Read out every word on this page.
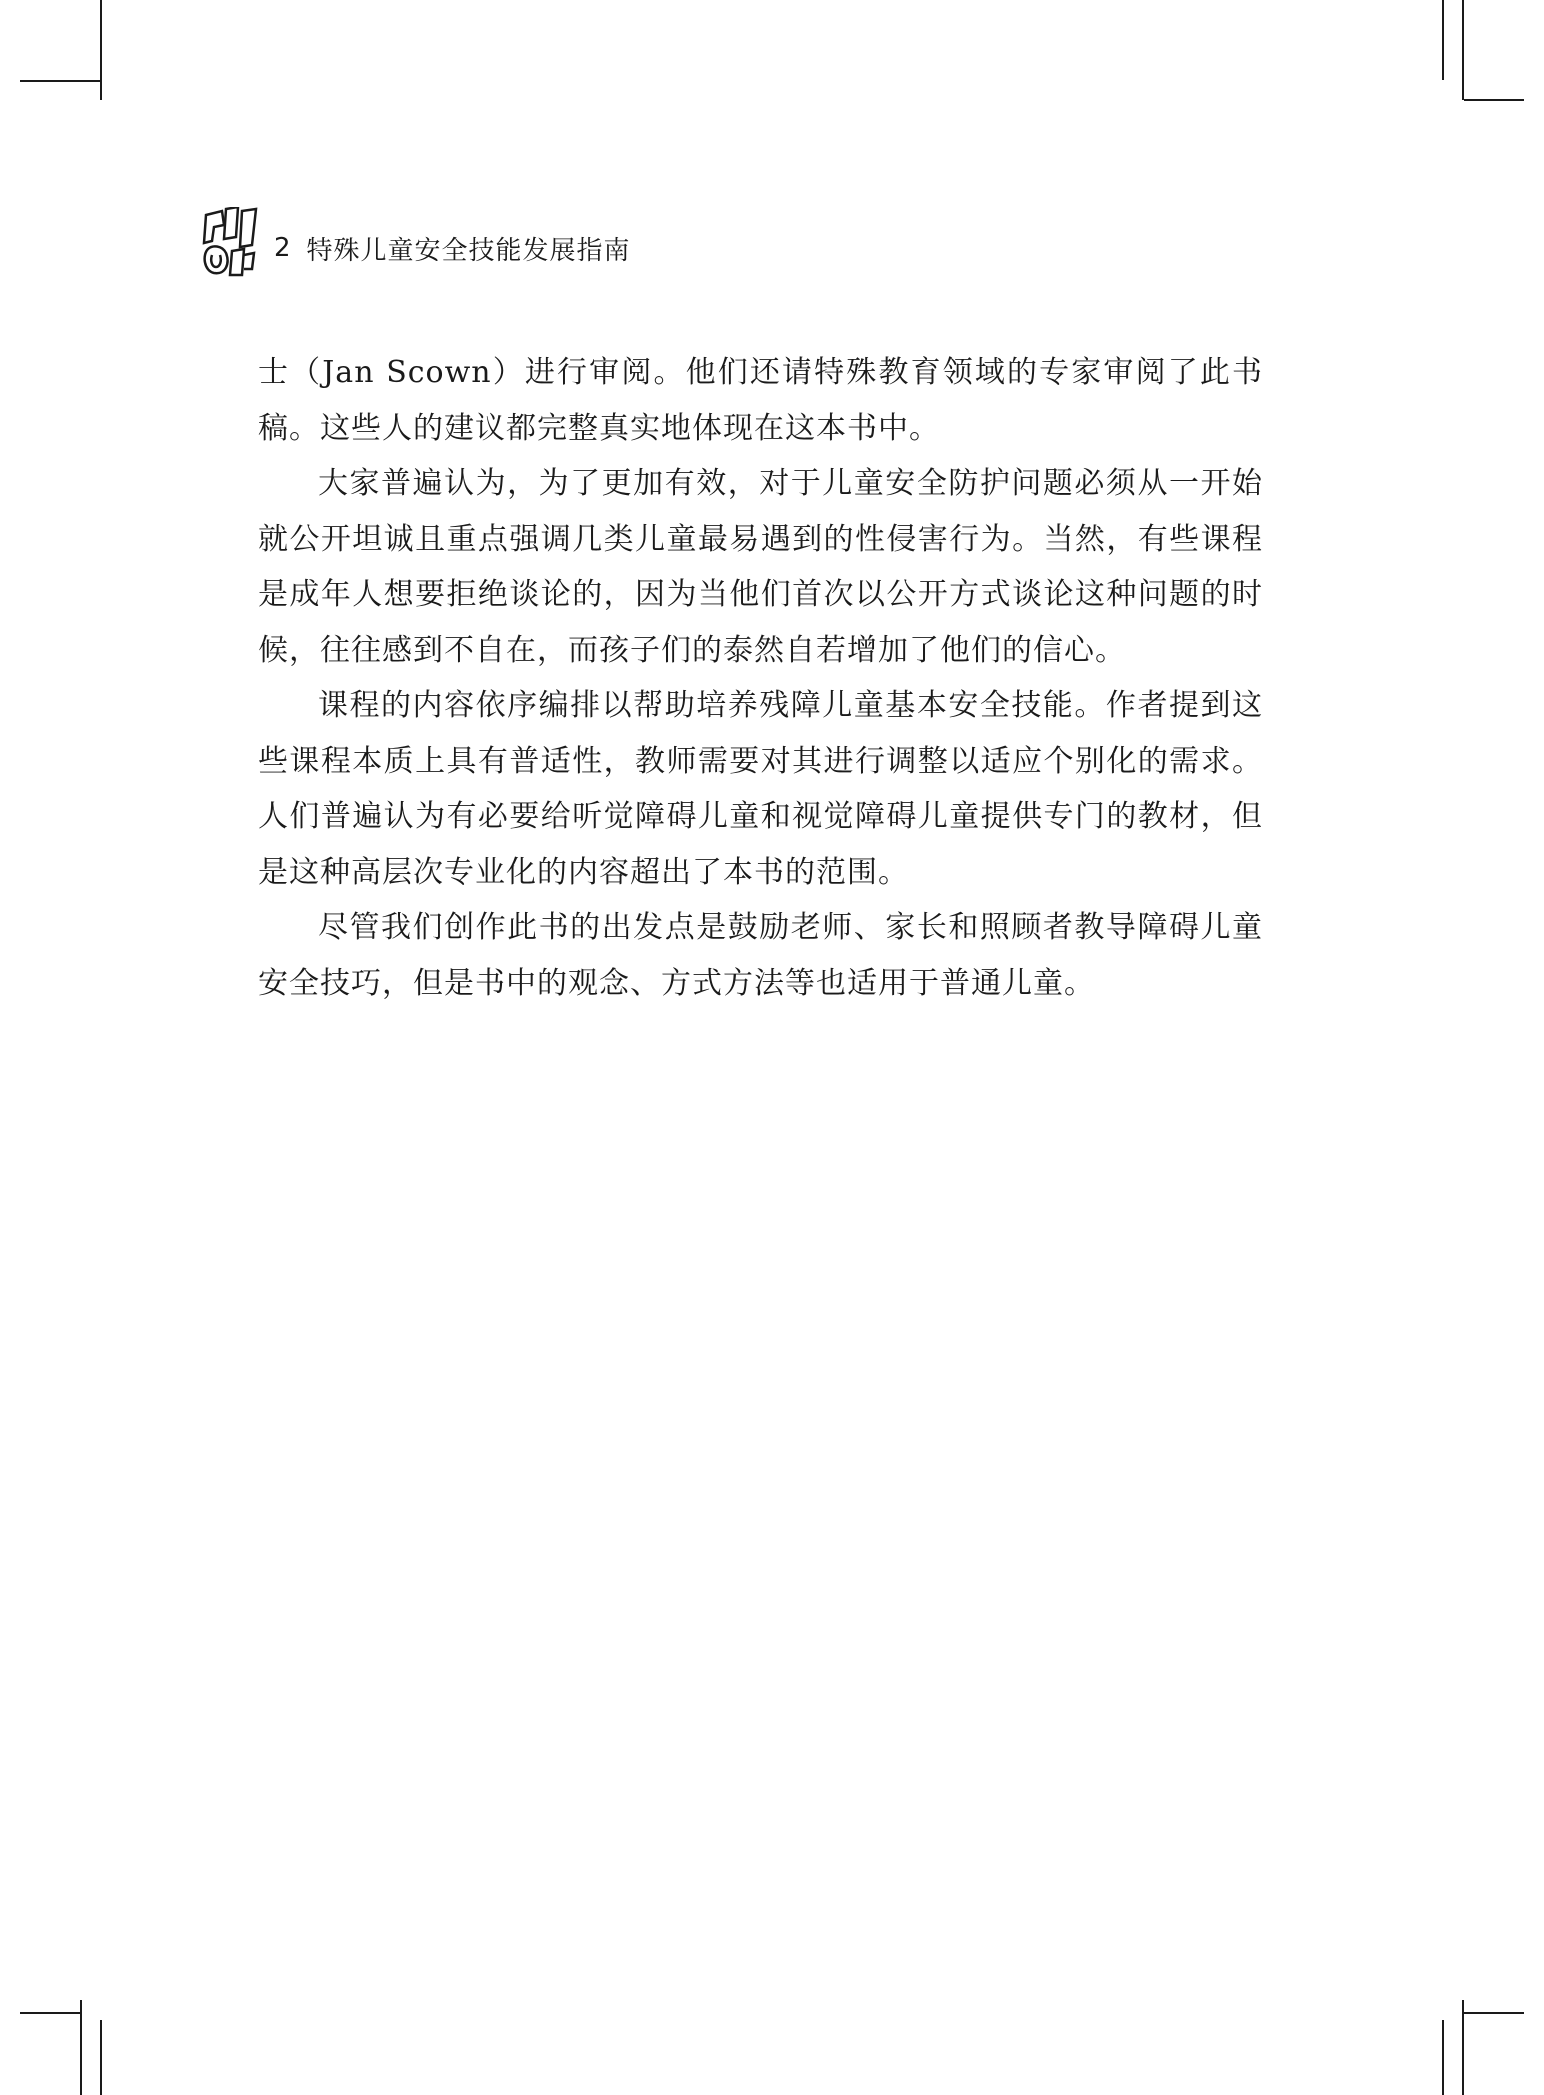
2 特殊儿童安全技能发展指南

士（Jan Scown）进行审阅。他们还请特殊教育领域的专家审阅了此书稿。这些人的建议都完整真实地体现在这本书中。

大家普遍认为，为了更加有效，对于儿童安全防护问题必须从一开始就公开坦诚且重点强调几类儿童最易遇到的性侵害行为。当然，有些课程是成年人想要拒绝谈论的，因为当他们首次以公开方式谈论这种问题的时候，往往感到不自在，而孩子们的泰然自若增加了他们的信心。

课程的内容依序编排以帮助培养残障儿童基本安全技能。作者提到这些课程本质上具有普适性，教师需要对其进行调整以适应个别化的需求。人们普遍认为有必要给听觉障碍儿童和视觉障碍儿童提供专门的教材，但是这种高层次专业化的内容超出了本书的范围。

尽管我们创作此书的出发点是鼓励老师、家长和照顾者教导障碍儿童安全技巧，但是书中的观念、方式方法等也适用于普通儿童。
